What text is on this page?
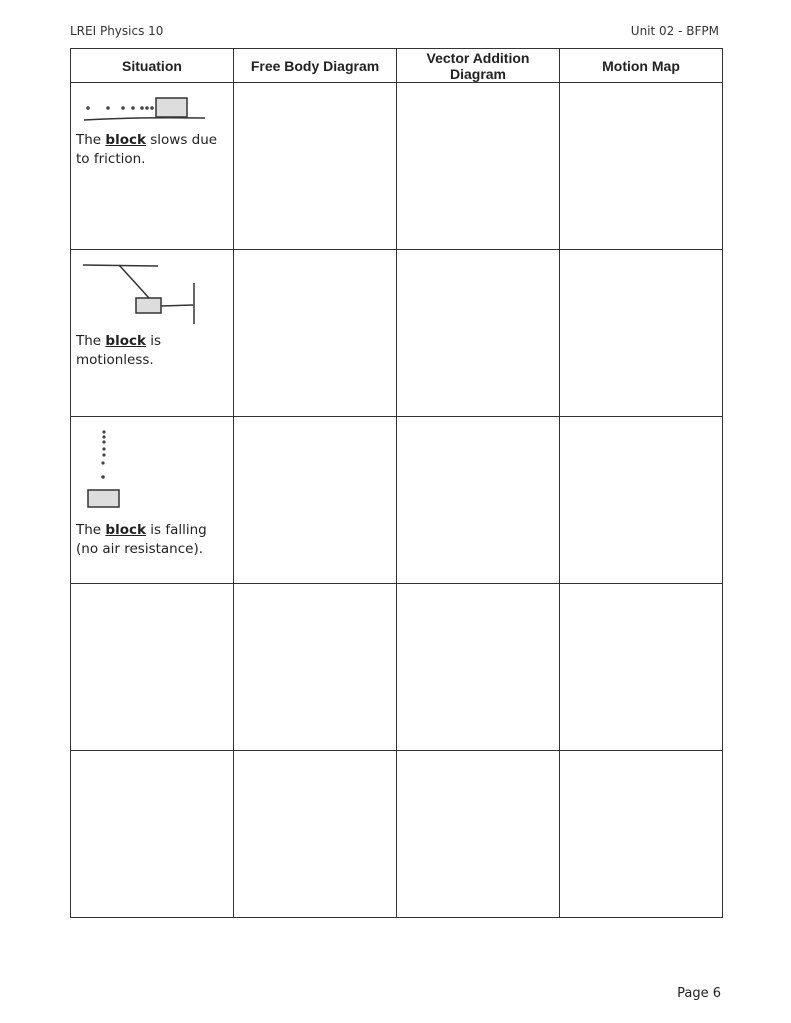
LREI Physics 10	Unit 02 - BFPM
Situation	Free Body Diagram	Vector Addition Diagram	Motion Map

The block slows due to friction.			

The block is motionless.			

The block is falling (no air resistance).			

Page 6
